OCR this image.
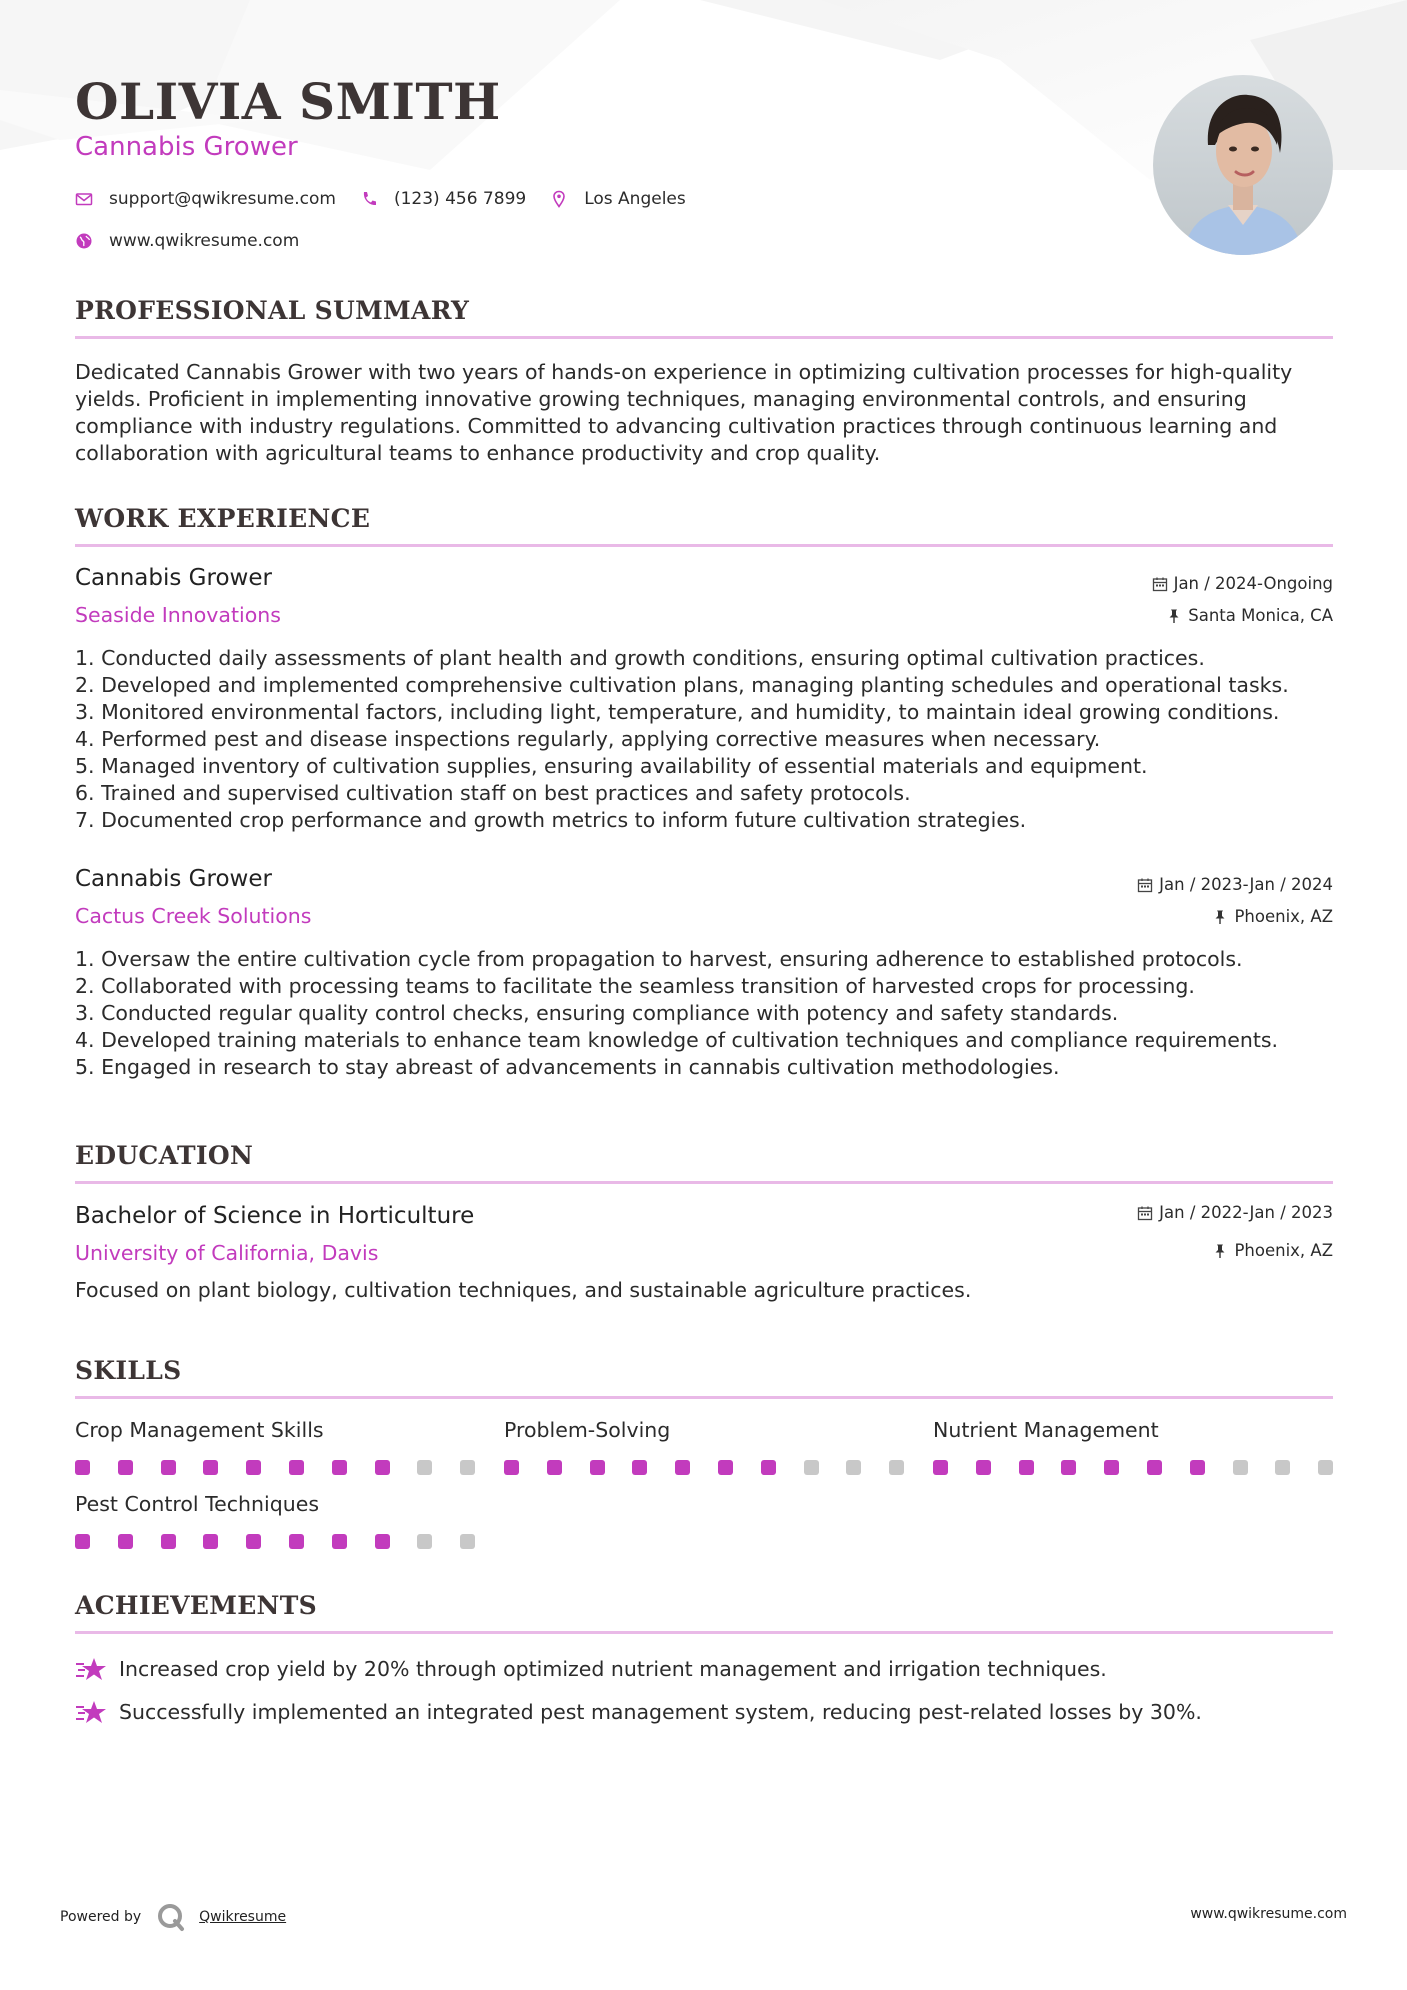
OLIVIA SMITH
Cannabis Grower
support@qwikresume.com	(123) 456 7899	Los Angeles
www.qwikresume.com
PROFESSIONAL SUMMARY
Dedicated Cannabis Grower with two years of hands-on experience in optimizing cultivation processes for high-quality
yields. Proficient in implementing innovative growing techniques, managing environmental controls, and ensuring
compliance with industry regulations. Committed to advancing cultivation practices through continuous learning and
collaboration with agricultural teams to enhance productivity and crop quality.
WORK EXPERIENCE
Cannabis Grower
Seaside Innovations
Jan / 2024-Ongoing
Santa Monica, CA
1. Conducted daily assessments of plant health and growth conditions, ensuring optimal cultivation practices.
2. Developed and implemented comprehensive cultivation plans, managing planting schedules and operational tasks.
3. Monitored environmental factors, including light, temperature, and humidity, to maintain ideal growing conditions.
4. Performed pest and disease inspections regularly, applying corrective measures when necessary.
5. Managed inventory of cultivation supplies, ensuring availability of essential materials and equipment.
6. Trained and supervised cultivation staff on best practices and safety protocols.
7. Documented crop performance and growth metrics to inform future cultivation strategies.
Cannabis Grower
Cactus Creek Solutions
Jan / 2023-Jan / 2024
Phoenix, AZ
1. Oversaw the entire cultivation cycle from propagation to harvest, ensuring adherence to established protocols.
2. Collaborated with processing teams to facilitate the seamless transition of harvested crops for processing.
3. Conducted regular quality control checks, ensuring compliance with potency and safety standards.
4. Developed training materials to enhance team knowledge of cultivation techniques and compliance requirements.
5. Engaged in research to stay abreast of advancements in cannabis cultivation methodologies.
EDUCATION
Bachelor of Science in Horticulture
University of California, Davis
Jan / 2022-Jan / 2023
Phoenix, AZ
Focused on plant biology, cultivation techniques, and sustainable agriculture practices.
SKILLS
Crop Management Skills	Problem-Solving	Nutrient Management
Pest Control Techniques
ACHIEVEMENTS
Increased crop yield by 20% through optimized nutrient management and irrigation techniques.
Successfully implemented an integrated pest management system, reducing pest-related losses by 30%.
Powered by	Qwikresume	www.qwikresume.com
